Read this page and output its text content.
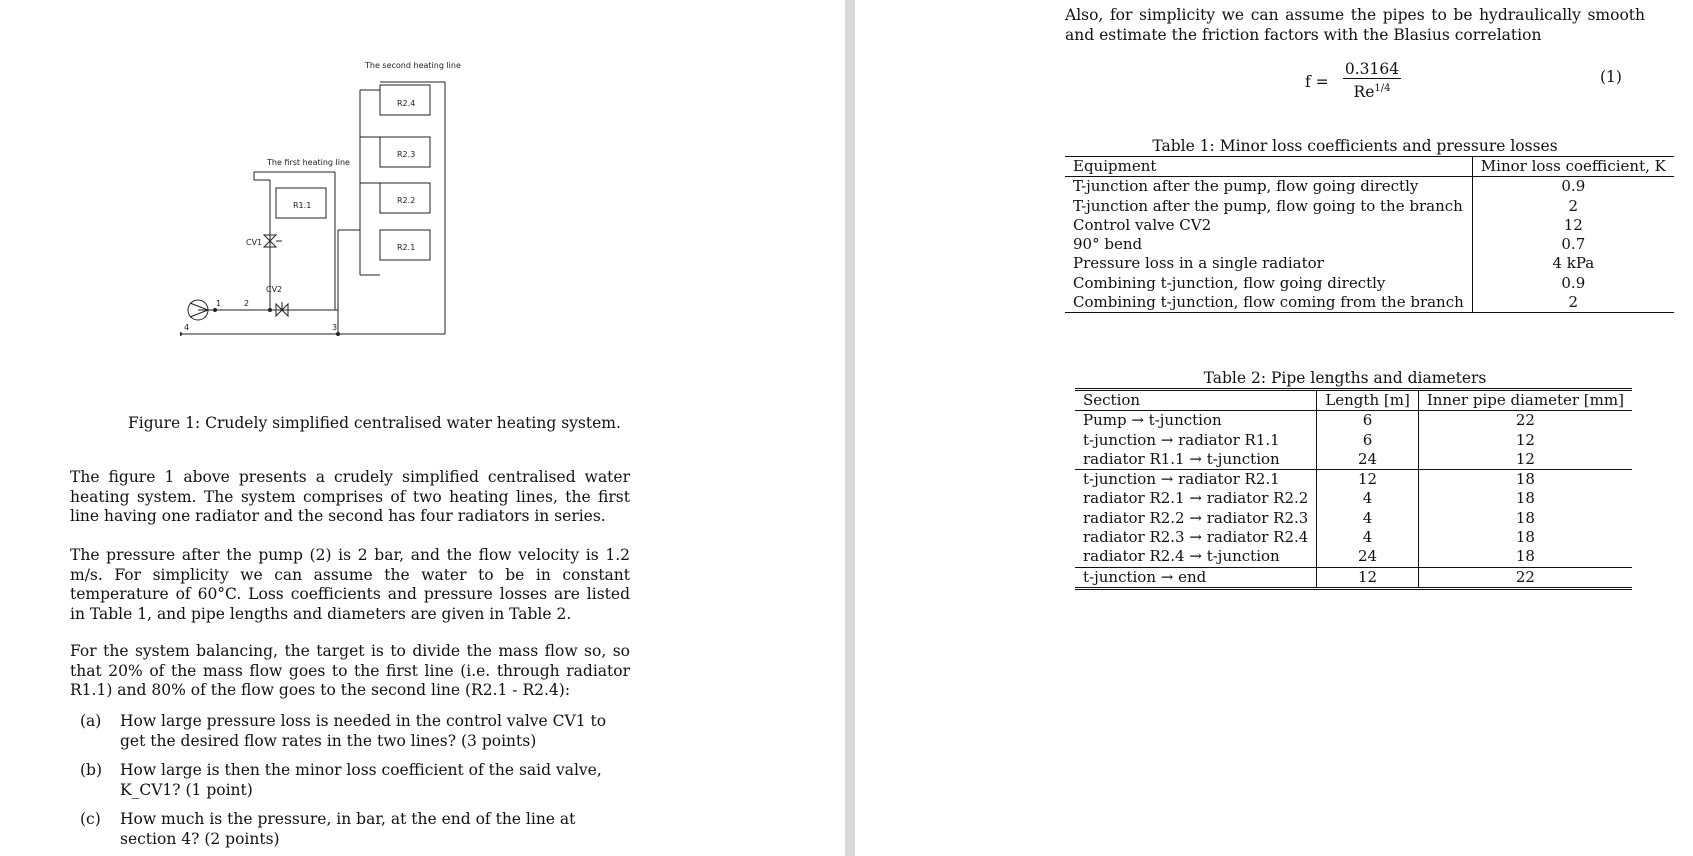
The second heating line
The first heating line
R2.4
R2.3
R2.2
R2.1
R1.1
CV1
CV2
1	2
3
4
Figure 1: Crudely simplified centralised water heating system.
The figure 1 above presents a crudely simplified centralised water heating system. The system comprises of two heating lines, the first line having one radiator and the second has four radiators in series.
The pressure after the pump (2) is 2 bar, and the flow velocity is 1.2 m/s. For simplicity we can assume the water to be in constant temperature of 60°C. Loss coefficients and pressure losses are listed in Table 1, and pipe lengths and diameters are given in Table 2.
For the system balancing, the target is to divide the mass flow so, so that 20% of the mass flow goes to the first line (i.e. through radiator R1.1) and 80% of the flow goes to the second line (R2.1 - R2.4):
(a) How large pressure loss is needed in the control valve CV1 to get the desired flow rates in the two lines? (3 points)
(b) How large is then the minor loss coefficient of the said valve, K_CV1? (1 point)
(c) How much is the pressure, in bar, at the end of the line at section 4? (2 points)
Also, for simplicity we can assume the pipes to be hydraulically smooth and estimate the friction factors with the Blasius correlation
f =
0.3164
$Re^{1/4}$
(1)
Table 1: Minor loss coefficients and pressure losses
Equipment	Minor loss coefficient, K
T-junction after the pump, flow going directly	0.9
T-junction after the pump, flow going to the branch	2
Control valve CV2	12
90° bend	0.7
Pressure loss in a single radiator	4 kPa
Combining t-junction, flow going directly	0.9
Combining t-junction, flow coming from the branch	2
Table 2: Pipe lengths and diameters
Section	Length [m]	Inner pipe diameter [mm]
Pump → t-junction	6	22
t-junction → radiator R1.1	6	12
radiator R1.1 → t-junction	24	12
t-junction → radiator R2.1	12	18
radiator R2.1 → radiator R2.2	4	18
radiator R2.2 → radiator R2.3	4	18
radiator R2.3 → radiator R2.4	4	18
radiator R2.4 → t-junction	24	18
t-junction → end	12	22
